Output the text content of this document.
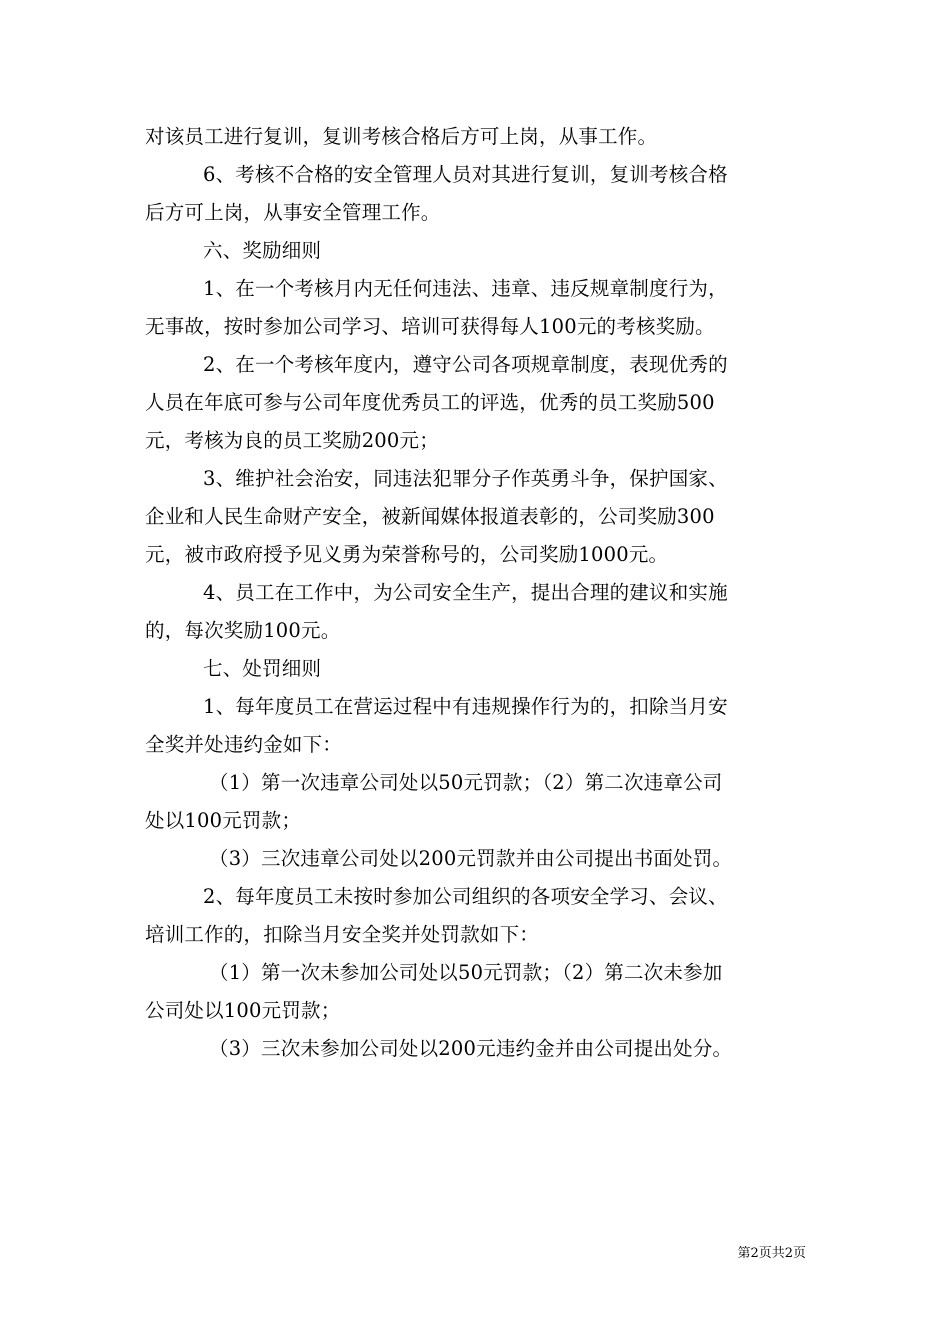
对该员工进行复训，复训考核合格后方可上岗，从事工作。
6、考核不合格的安全管理人员对其进行复训，复训考核合格
后方可上岗，从事安全管理工作。
六、奖励细则
1、在一个考核月内无任何违法、违章、违反规章制度行为，
无事故，按时参加公司学习、培训可获得每人100元的考核奖励。
2、在一个考核年度内，遵守公司各项规章制度，表现优秀的
人员在年底可参与公司年度优秀员工的评选，优秀的员工奖励500
元，考核为良的员工奖励200元；
3、维护社会治安，同违法犯罪分子作英勇斗争，保护国家、
企业和人民生命财产安全，被新闻媒体报道表彰的，公司奖励300
元，被市政府授予见义勇为荣誉称号的，公司奖励1000元。
4、员工在工作中，为公司安全生产，提出合理的建议和实施
的，每次奖励100元。
七、处罚细则
1、每年度员工在营运过程中有违规操作行为的，扣除当月安
全奖并处违约金如下：
（1）第一次违章公司处以50元罚款；（2）第二次违章公司
处以100元罚款；
（3）三次违章公司处以200元罚款并由公司提出书面处罚。
2、每年度员工未按时参加公司组织的各项安全学习、会议、
培训工作的，扣除当月安全奖并处罚款如下：
（1）第一次未参加公司处以50元罚款；（2）第二次未参加
公司处以100元罚款；
（3）三次未参加公司处以200元违约金并由公司提出处分。
第2页共2页
